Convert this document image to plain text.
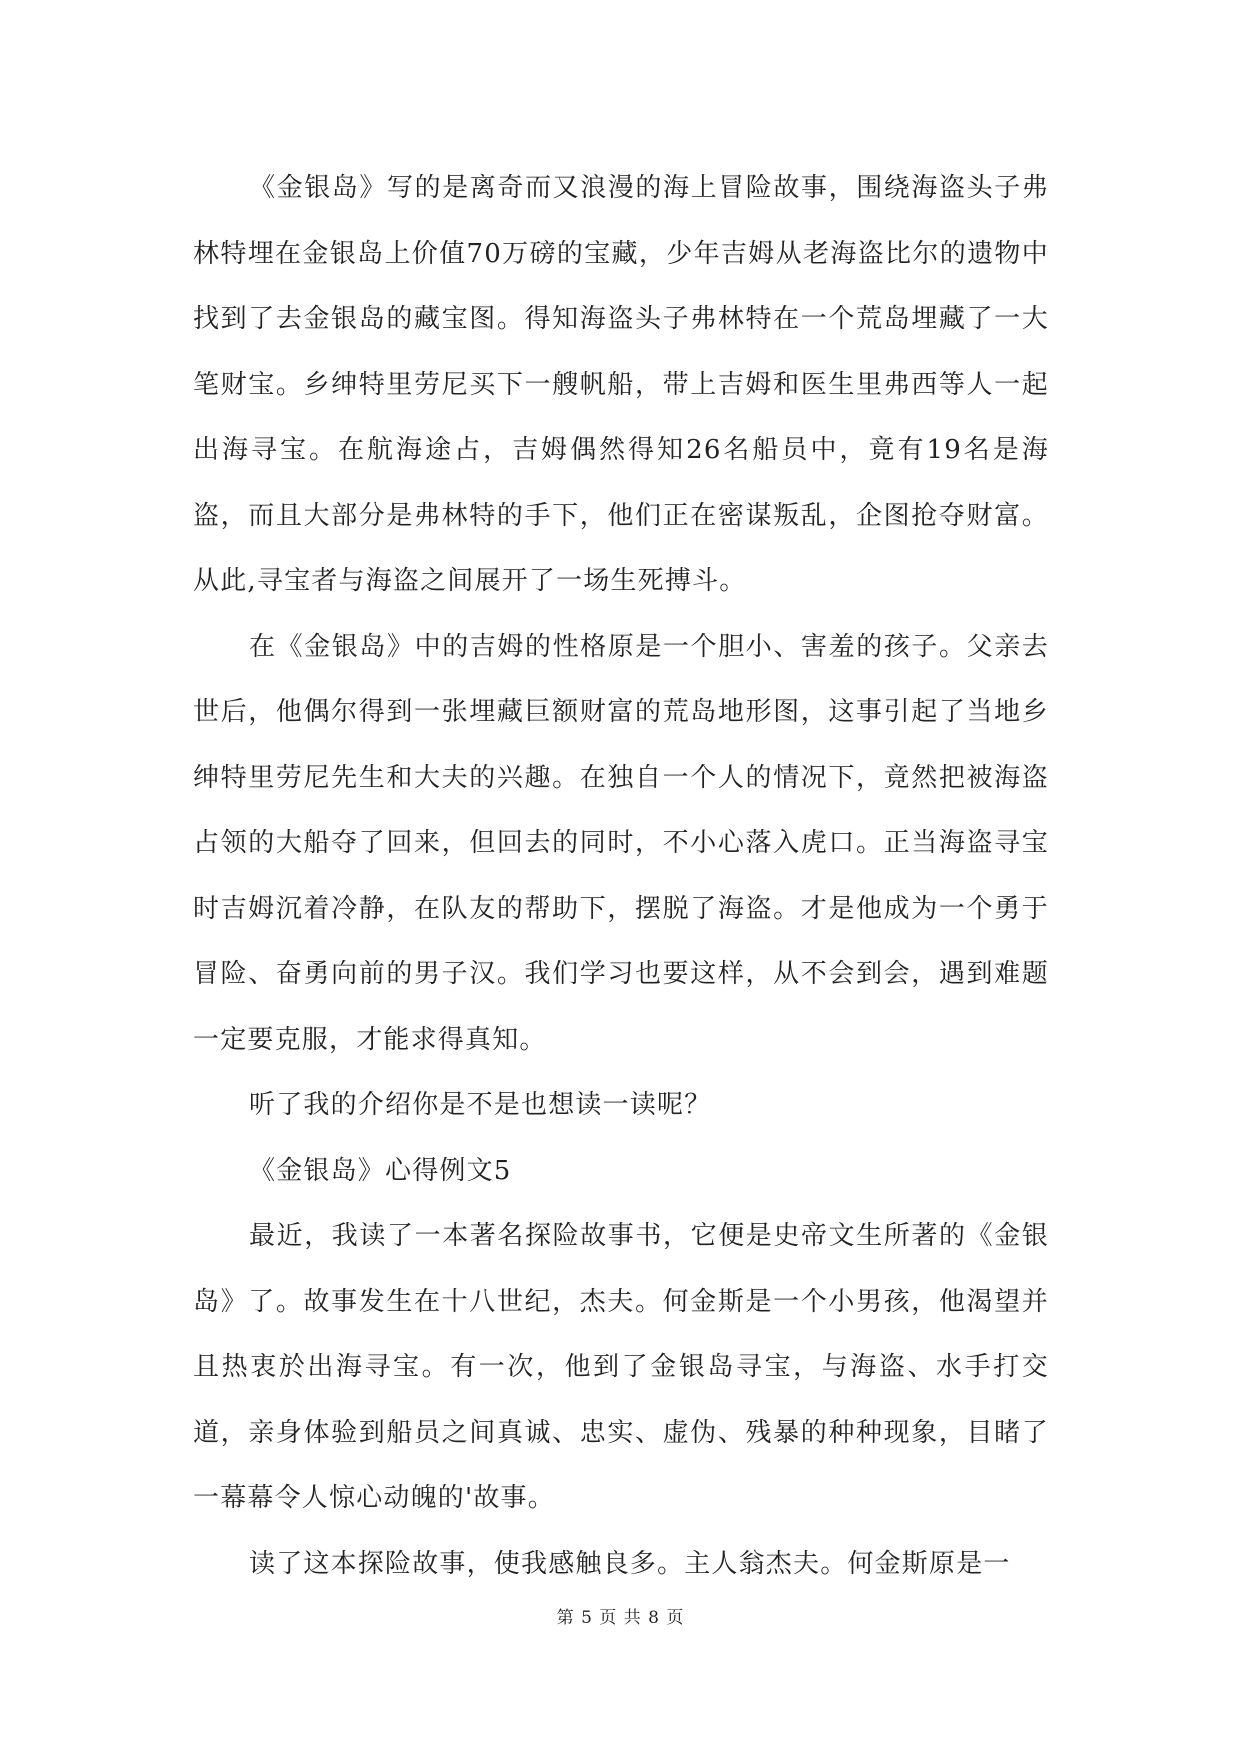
《金银岛》写的是离奇而又浪漫的海上冒险故事，围绕海盗头子弗林特埋在金银岛上价值70万磅的宝藏，少年吉姆从老海盗比尔的遗物中找到了去金银岛的藏宝图。得知海盗头子弗林特在一个荒岛埋藏了一大笔财宝。乡绅特里劳尼买下一艘帆船，带上吉姆和医生里弗西等人一起出海寻宝。在航海途占，吉姆偶然得知26名船员中，竟有19名是海盗，而且大部分是弗林特的手下，他们正在密谋叛乱，企图抢夺财富。从此,寻宝者与海盗之间展开了一场生死搏斗。

在《金银岛》中的吉姆的性格原是一个胆小、害羞的孩子。父亲去世后，他偶尔得到一张埋藏巨额财富的荒岛地形图，这事引起了当地乡绅特里劳尼先生和大夫的兴趣。在独自一个人的情况下，竟然把被海盗占领的大船夺了回来，但回去的同时，不小心落入虎口。正当海盗寻宝时吉姆沉着冷静，在队友的帮助下，摆脱了海盗。才是他成为一个勇于冒险、奋勇向前的男子汉。我们学习也要这样，从不会到会，遇到难题一定要克服，才能求得真知。

听了我的介绍你是不是也想读一读呢？

《金银岛》心得例文5

最近，我读了一本著名探险故事书，它便是史帝文生所著的《金银岛》了。故事发生在十八世纪，杰夫。何金斯是一个小男孩，他渴望并且热衷於出海寻宝。有一次，他到了金银岛寻宝，与海盗、水手打交道，亲身体验到船员之间真诚、忠实、虚伪、残暴的种种现象，目睹了一幕幕令人惊心动魄的'故事。

读了这本探险故事，使我感触良多。主人翁杰夫。何金斯原是一

第 5 页 共 8 页
